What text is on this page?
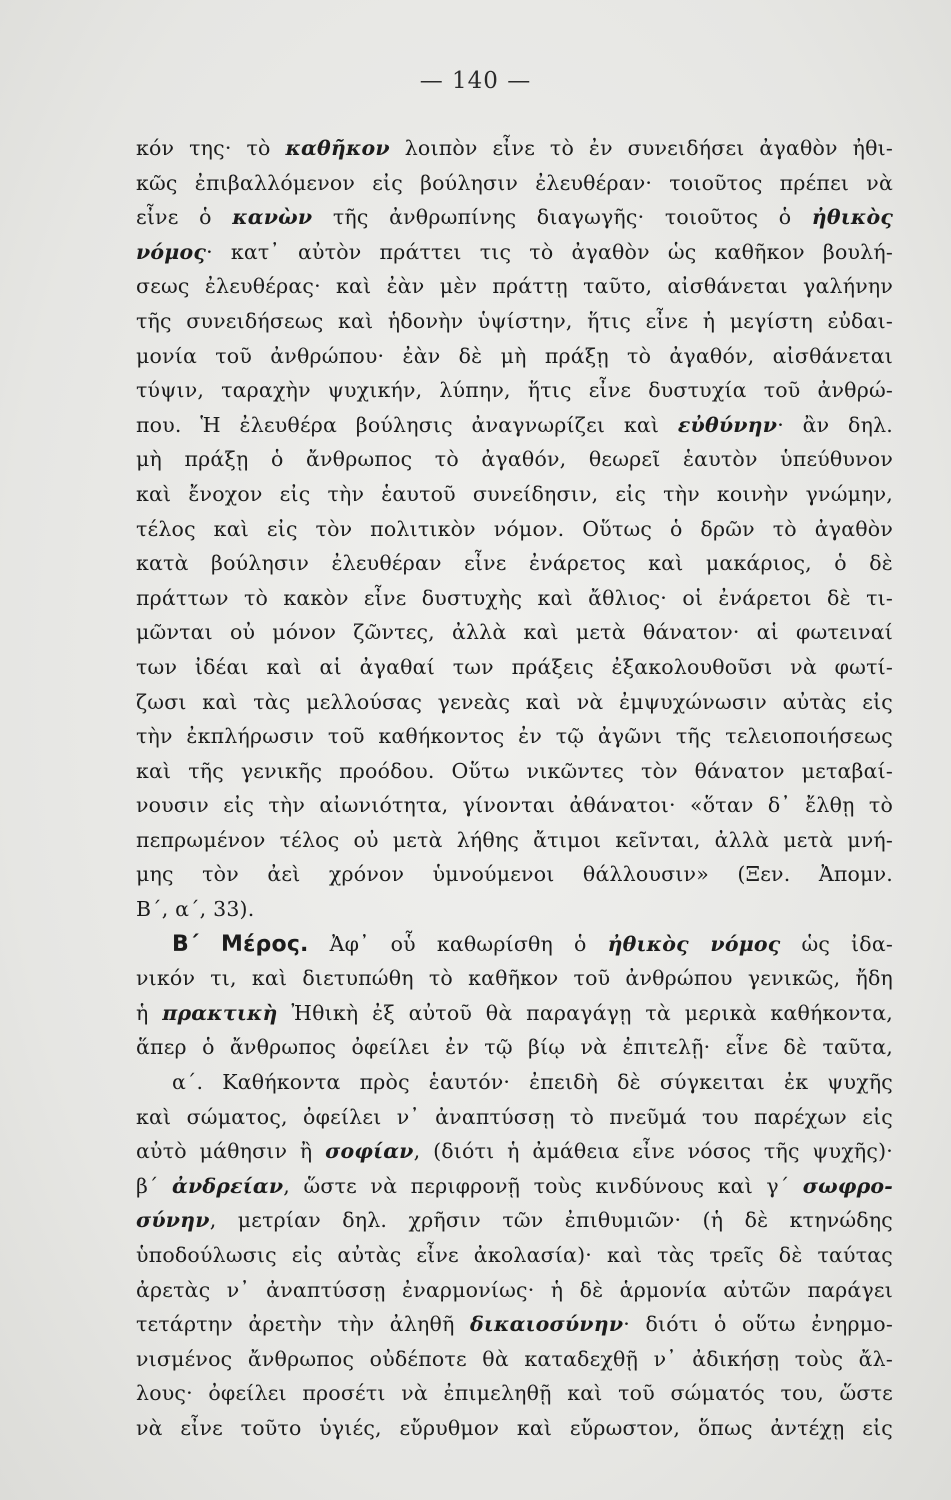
— 140 —
κόν της· τὸ καθῆκον λοιπὸν εἶνε τὸ ἐν συνειδήσει ἀγαθὸν ἠθι-
κῶς ἐπιβαλλόμενον εἰς βούλησιν ἐλευθέραν· τοιοῦτος πρέπει νὰ
εἶνε ὁ κανὼν τῆς ἀνθρωπίνης διαγωγῆς· τοιοῦτος ὁ ἠθικὸς
νόμος· κατ᾿ αὐτὸν πράττει τις τὸ ἀγαθὸν ὡς καθῆκον βουλή-
σεως ἐλευθέρας· καὶ ἐὰν μὲν πράττῃ ταῦτο, αἰσθάνεται γαλήνην
τῆς συνειδήσεως καὶ ἡδονὴν ὑψίστην, ἥτις εἶνε ἡ μεγίστη εὐδαι-
μονία τοῦ ἀνθρώπου· ἐὰν δὲ μὴ πράξῃ τὸ ἀγαθόν, αἰσθάνεται
τύψιν, ταραχὴν ψυχικήν, λύπην, ἥτις εἶνε δυστυχία τοῦ ἀνθρώ-
που. Ἡ ἐλευθέρα βούλησις ἀναγνωρίζει καὶ εὐθύνην· ἂν δηλ.
μὴ πράξῃ ὁ ἄνθρωπος τὸ ἀγαθόν, θεωρεῖ ἑαυτὸν ὑπεύθυνον
καὶ ἔνοχον εἰς τὴν ἑαυτοῦ συνείδησιν, εἰς τὴν κοινὴν γνώμην,
τέλος καὶ εἰς τὸν πολιτικὸν νόμον. Οὕτως ὁ δρῶν τὸ ἀγαθὸν
κατὰ βούλησιν ἐλευθέραν εἶνε ἐνάρετος καὶ μακάριος, ὁ δὲ
πράττων τὸ κακὸν εἶνε δυστυχὴς καὶ ἄθλιος· οἱ ἐνάρετοι δὲ τι-
μῶνται οὐ μόνον ζῶντες, ἀλλὰ καὶ μετὰ θάνατον· αἱ φωτειναί
των ἰδέαι καὶ αἱ ἀγαθαί των πράξεις ἐξακολουθοῦσι νὰ φωτί-
ζωσι καὶ τὰς μελλούσας γενεὰς καὶ νὰ ἐμψυχώνωσιν αὐτὰς εἰς
τὴν ἐκπλήρωσιν τοῦ καθήκοντος ἐν τῷ ἀγῶνι τῆς τελειοποιήσεως
καὶ τῆς γενικῆς προόδου. Οὕτω νικῶντες τὸν θάνατον μεταβαί-
νουσιν εἰς τὴν αἰωνιότητα, γίνονται ἀθάνατοι· «ὅταν δ᾿ ἔλθῃ τὸ
πεπρωμένον τέλος οὐ μετὰ λήθης ἄτιμοι κεῖνται, ἀλλὰ μετὰ μνή-
μης τὸν ἀεὶ χρόνον ὑμνούμενοι θάλλουσιν» (Ξεν. Ἀπομν.
Β΄, α΄, 33).
Β΄ Μέρος. Ἀφ᾿ οὗ καθωρίσθη ὁ ἠθικὸς νόμος ὡς ἰδα-
νικόν τι, καὶ διετυπώθη τὸ καθῆκον τοῦ ἀνθρώπου γενικῶς, ἤδη
ἡ πρακτικὴ Ἠθικὴ ἐξ αὐτοῦ θὰ παραγάγῃ τὰ μερικὰ καθήκοντα,
ἅπερ ὁ ἄνθρωπος ὀφείλει ἐν τῷ βίῳ νὰ ἐπιτελῇ· εἶνε δὲ ταῦτα,
α΄. Καθήκοντα πρὸς ἑαυτόν· ἐπειδὴ δὲ σύγκειται ἐκ ψυχῆς
καὶ σώματος, ὀφείλει ν᾿ ἀναπτύσσῃ τὸ πνεῦμά του παρέχων εἰς
αὐτὸ μάθησιν ἢ σοφίαν, (διότι ἡ ἀμάθεια εἶνε νόσος τῆς ψυχῆς)·
β΄ ἀνδρείαν, ὥστε νὰ περιφρονῇ τοὺς κινδύνους καὶ γ΄ σωφρο-
σύνην, μετρίαν δηλ. χρῆσιν τῶν ἐπιθυμιῶν· (ἡ δὲ κτηνώδης
ὑποδούλωσις εἰς αὐτὰς εἶνε ἀκολασία)· καὶ τὰς τρεῖς δὲ ταύτας
ἀρετὰς ν᾿ ἀναπτύσσῃ ἐναρμονίως· ἡ δὲ ἁρμονία αὐτῶν παράγει
τετάρτην ἀρετὴν τὴν ἀληθῆ δικαιοσύνην· διότι ὁ οὕτω ἐνηρμο-
νισμένος ἄνθρωπος οὐδέποτε θὰ καταδεχθῇ ν᾿ ἀδικήσῃ τοὺς ἄλ-
λους· ὀφείλει προσέτι νὰ ἐπιμεληθῇ καὶ τοῦ σώματός του, ὥστε
νὰ εἶνε τοῦτο ὑγιές, εὔρυθμον καὶ εὔρωστον, ὅπως ἀντέχῃ εἰς
